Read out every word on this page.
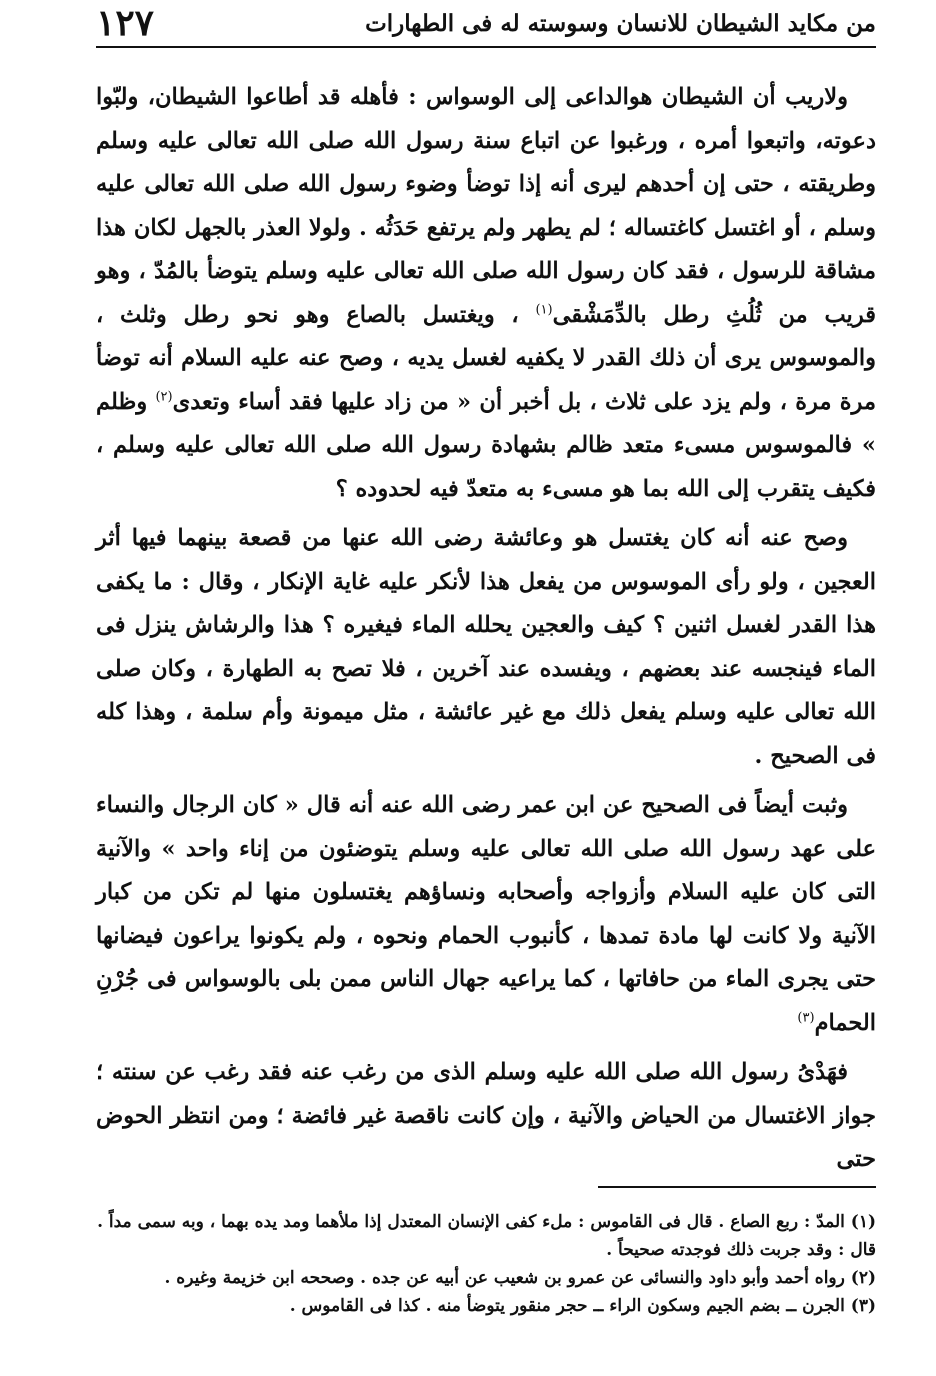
من مكايد الشيطان للانسان وسوسته له فى الطهارات
١٢٧

ولاريب أن الشيطان هوالداعى إلى الوسواس : فأهله قد أطاعوا الشيطان، ولبّوا دعوته، واتبعوا أمره ، ورغبوا عن اتباع سنة رسول الله صلى الله تعالى عليه وسلم وطريقته ، حتى إن أحدهم ليرى أنه إذا توضأ وضوء رسول الله صلى الله تعالى عليه وسلم ، أو اغتسل كاغتساله ؛ لم يطهر ولم يرتفع حَدَثُه . ولولا العذر بالجهل لكان هذا مشاقة للرسول ، فقد كان رسول الله صلى الله تعالى عليه وسلم يتوضأ بالمُدّ ، وهو قريب من ثُلُثِ رطل بالدِّمَشْقى$^{(١)}$ ، ويغتسل بالصاع وهو نحو رطل وثلث ، والموسوس يرى أن ذلك القدر لا يكفيه لغسل يديه ، وصح عنه عليه السلام أنه توضأ مرة مرة ، ولم يزد على ثلاث ، بل أخبر أن « من زاد عليها فقد أساء وتعدى$^{(٢)}$ وظلم » فالموسوس مسىء متعد ظالم بشهادة رسول الله صلى الله تعالى عليه وسلم ، فكيف يتقرب إلى الله بما هو مسىء به متعدّ فيه لحدوده ؟

وصح عنه أنه كان يغتسل هو وعائشة رضى الله عنها من قصعة بينهما فيها أثر العجين ، ولو رأى الموسوس من يفعل هذا لأنكر عليه غاية الإنكار ، وقال : ما يكفى هذا القدر لغسل اثنين ؟ كيف والعجين يحلله الماء فيغيره ؟ هذا والرشاش ينزل فى الماء فينجسه عند بعضهم ، ويفسده عند آخرين ، فلا تصح به الطهارة ، وكان صلى الله تعالى عليه وسلم يفعل ذلك مع غير عائشة ، مثل ميمونة وأم سلمة ، وهذا كله فى الصحيح .

وثبت أيضاً فى الصحيح عن ابن عمر رضى الله عنه أنه قال « كان الرجال والنساء على عهد رسول الله صلى الله تعالى عليه وسلم يتوضئون من إناء واحد » والآنية التى كان عليه السلام وأزواجه وأصحابه ونساؤهم يغتسلون منها لم تكن من كبار الآنية ولا كانت لها مادة تمدها ، كأنبوب الحمام ونحوه ، ولم يكونوا يراعون فيضانها حتى يجرى الماء من حافاتها ، كما يراعيه جهال الناس ممن بلى بالوسواس فى جُرْنِ الحمام$^{(٣)}$

فهَدْىُ رسول الله صلى الله عليه وسلم الذى من رغب عنه فقد رغب عن سنته ؛ جواز الاغتسال من الحياض والآنية ، وإن كانت ناقصة غير فائضة ؛ ومن انتظر الحوض حتى

(١) المدّ : ربع الصاع . قال فى القاموس : ملء كفى الإنسان المعتدل إذا ملأهما ومد يده بهما ، وبه سمى مداً . قال : وقد جربت ذلك فوجدته صحيحاً .

(٢) رواه أحمد وأبو داود والنسائى عن عمرو بن شعيب عن أبيه عن جده . وصححه ابن خزيمة وغيره .

(٣) الجرن ــ بضم الجيم وسكون الراء ــ حجر منقور يتوضأ منه . كذا فى القاموس .
